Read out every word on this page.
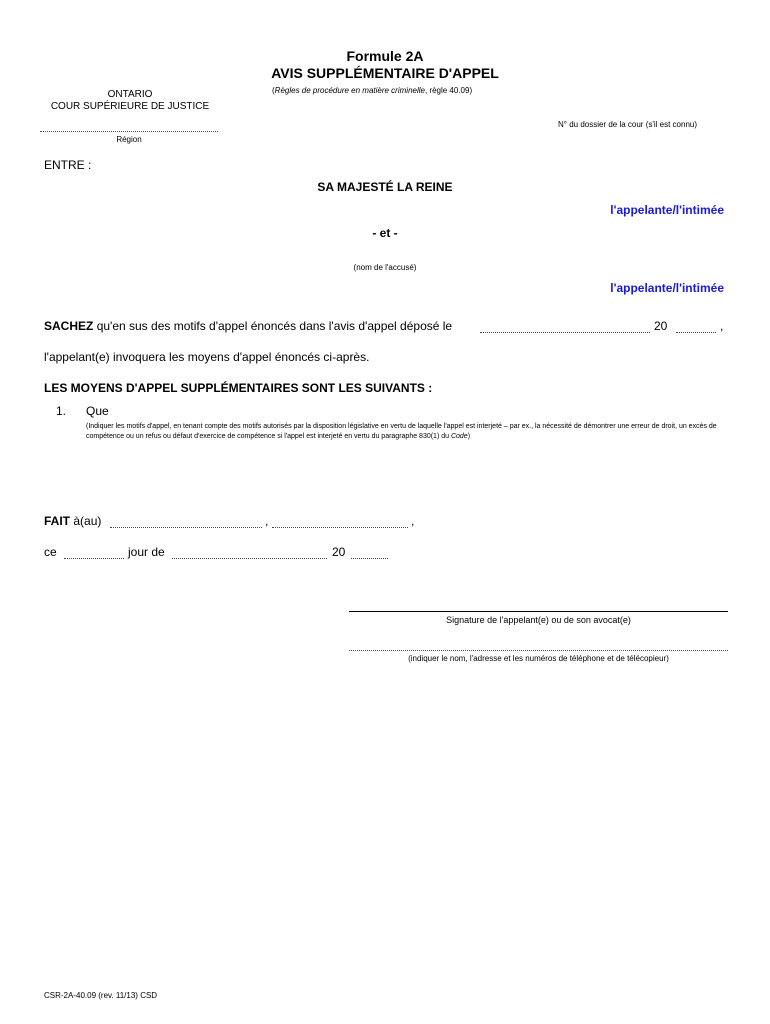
Formule 2A
AVIS SUPPLÉMENTAIRE D'APPEL
(Règles de procédure en matière criminelle, règle 40.09)
ONTARIO
COUR SUPÉRIEURE DE JUSTICE
Région
N° du dossier de la cour (s'il est connu)
ENTRE :
SA MAJESTÉ LA REINE
l'appelante/l'intimée
- et -
(nom de l'accusé)
l'appelante/l'intimée
SACHEZ qu'en sus des motifs d'appel énoncés dans l'avis d'appel déposé le	20	,
l'appelant(e) invoquera les moyens d'appel énoncés ci-après.
LES MOYENS D'APPEL SUPPLÉMENTAIRES SONT LES SUIVANTS :
1. Que
(Indiquer les motifs d'appel, en tenant compte des motifs autorisés par la disposition législative en vertu de laquelle l'appel est interjeté – par ex., la nécessité de démontrer une erreur de droit, un excès de compétence ou un refus ou défaut d'exercice de compétence si l'appel est interjeté en vertu du paragraphe 830(1) du Code)
FAIT à(au)	,	,
ce	jour de	20
Signature de l'appelant(e) ou de son avocat(e)
(indiquer le nom, l'adresse et les numéros de téléphone et de télécopieur)
CSR-2A-40.09 (rev. 11/13) CSD
